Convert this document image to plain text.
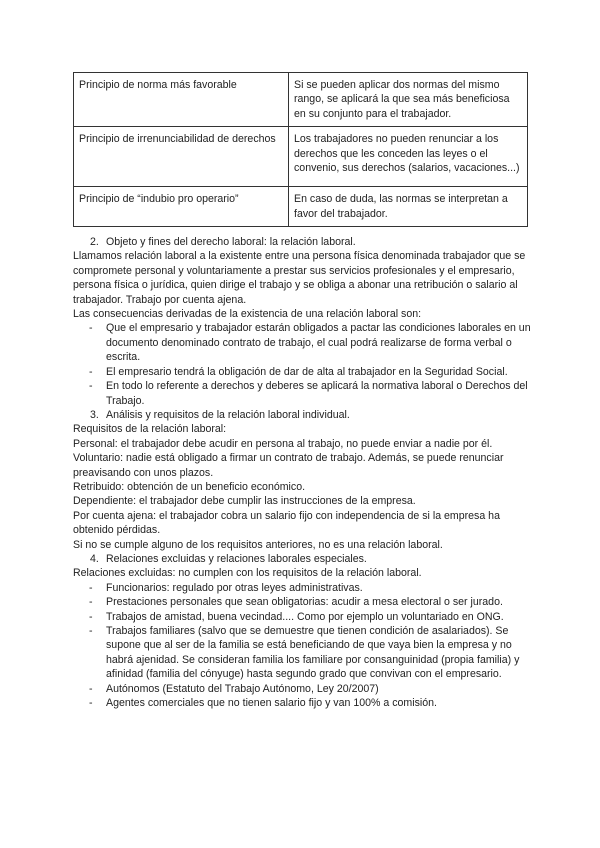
Principio de norma más favorable	Si se pueden aplicar dos normas del mismo rango, se aplicará la que sea más beneficiosa en su conjunto para el trabajador.
Principio de irrenunciabilidad de derechos	Los trabajadores no pueden renunciar a los derechos que les conceden las leyes o el convenio, sus derechos (salarios, vacaciones...)
Principio de “indubio pro operario”	En caso de duda, las normas se interpretan a favor del trabajador.
2. Objeto y fines del derecho laboral: la relación laboral.

Llamamos relación laboral a la existente entre una persona física denominada trabajador que se compromete personal y voluntariamente a prestar sus servicios profesionales y el empresario, persona física o jurídica, quien dirige el trabajo y se obliga a abonar una retribución o salario al trabajador. Trabajo por cuenta ajena.

Las consecuencias derivadas de la existencia de una relación laboral son:

- Que el empresario y trabajador estarán obligados a pactar las condiciones laborales en un documento denominado contrato de trabajo, el cual podrá realizarse de forma verbal o escrita.
- El empresario tendrá la obligación de dar de alta al trabajador en la Seguridad Social.
- En todo lo referente a derechos y deberes se aplicará la normativa laboral o Derechos del Trabajo.
3. Análisis y requisitos de la relación laboral individual.

Requisitos de la relación laboral:

Personal: el trabajador debe acudir en persona al trabajo, no puede enviar a nadie por él.

Voluntario: nadie está obligado a firmar un contrato de trabajo. Además, se puede renunciar preavisando con unos plazos.

Retribuido: obtención de un beneficio económico.

Dependiente: el trabajador debe cumplir las instrucciones de la empresa.

Por cuenta ajena: el trabajador cobra un salario fijo con independencia de si la empresa ha obtenido pérdidas.

Si no se cumple alguno de los requisitos anteriores, no es una relación laboral.

4. Relaciones excluidas y relaciones laborales especiales.

Relaciones excluidas: no cumplen con los requisitos de la relación laboral.

- Funcionarios: regulado por otras leyes administrativas.
- Prestaciones personales que sean obligatorias: acudir a mesa electoral o ser jurado.
- Trabajos de amistad, buena vecindad.... Como por ejemplo un voluntariado en ONG.
- Trabajos familiares (salvo que se demuestre que tienen condición de asalariados). Se supone que al ser de la familia se está beneficiando de que vaya bien la empresa y no habrá ajenidad. Se consideran familia los familiare por consanguinidad (propia familia) y afinidad (familia del cónyuge) hasta segundo grado que convivan con el empresario.
- Autónomos (Estatuto del Trabajo Autónomo, Ley 20/2007)
- Agentes comerciales que no tienen salario fijo y van 100% a comisión.
